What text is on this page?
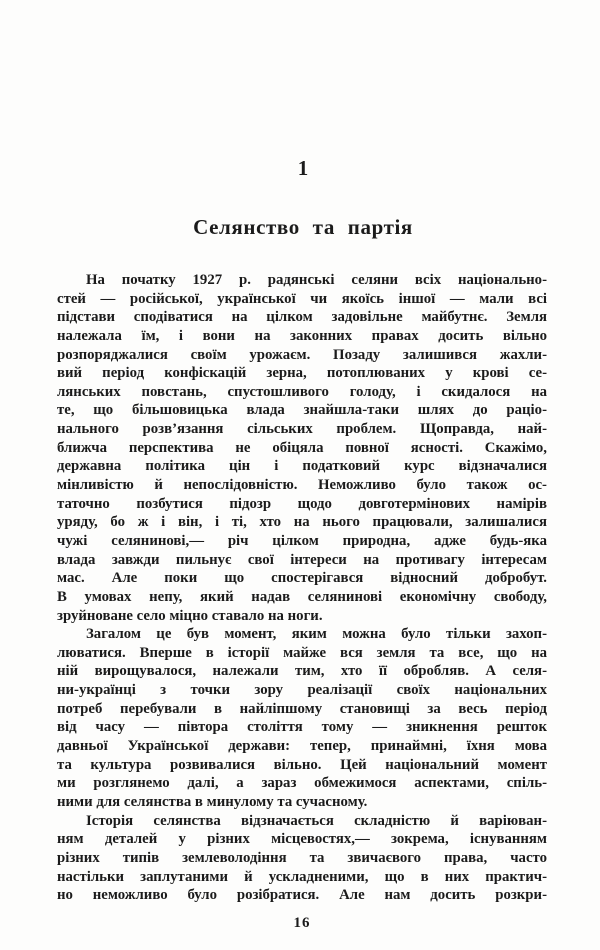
1
Селянство та партія
На початку 1927 р. радянські селяни всіх національно-
стей — російської, української чи якоїсь іншої — мали всі
підстави сподіватися на цілком задовільне майбутнє. Земля
належала їм, і вони на законних правах досить вільно
розпоряджалися своїм урожаєм. Позаду залишився жахли-
вий період конфіскацій зерна, потоплюваних у крові се-
лянських повстань, спустошливого голоду, і скидалося на
те, що більшовицька влада знайшла-таки шлях до раціо-
нального розв’язання сільських проблем. Щоправда, най-
ближча перспектива не обіцяла повної ясності. Скажімо,
державна політика цін і податковий курс відзначалися
мінливістю й непослідовністю. Неможливо було також ос-
таточно позбутися підозр щодо довготермінових намірів
уряду, бо ж і він, і ті, хто на нього працювали, залишалися
чужі селянинові,— річ цілком природна, адже будь-яка
влада завжди пильнує свої інтереси на противагу інтересам
мас. Але поки що спостерігався відносний добробут.
В умовах непу, який надав селянинові економічну свободу,
зруйноване село міцно ставало на ноги.
Загалом це був момент, яким можна було тільки захоп-
люватися. Вперше в історії майже вся земля та все, що на
ній вирощувалося, належали тим, хто її обробляв. А селя-
ни-українці з точки зору реалізації своїх національних
потреб перебували в найліпшому становищі за весь період
від часу — півтора століття тому — зникнення решток
давньої Української держави: тепер, принаймні, їхня мова
та культура розвивалися вільно. Цей національний момент
ми розглянемо далі, а зараз обмежимося аспектами, спіль-
ними для селянства в минулому та сучасному.
Історія селянства відзначається складністю й варіюван-
ням деталей у різних місцевостях,— зокрема, існуванням
різних типів землеволодіння та звичаєвого права, часто
настільки заплутаними й ускладненими, що в них практич-
но неможливо було розібратися. Але нам досить розкри-
16
